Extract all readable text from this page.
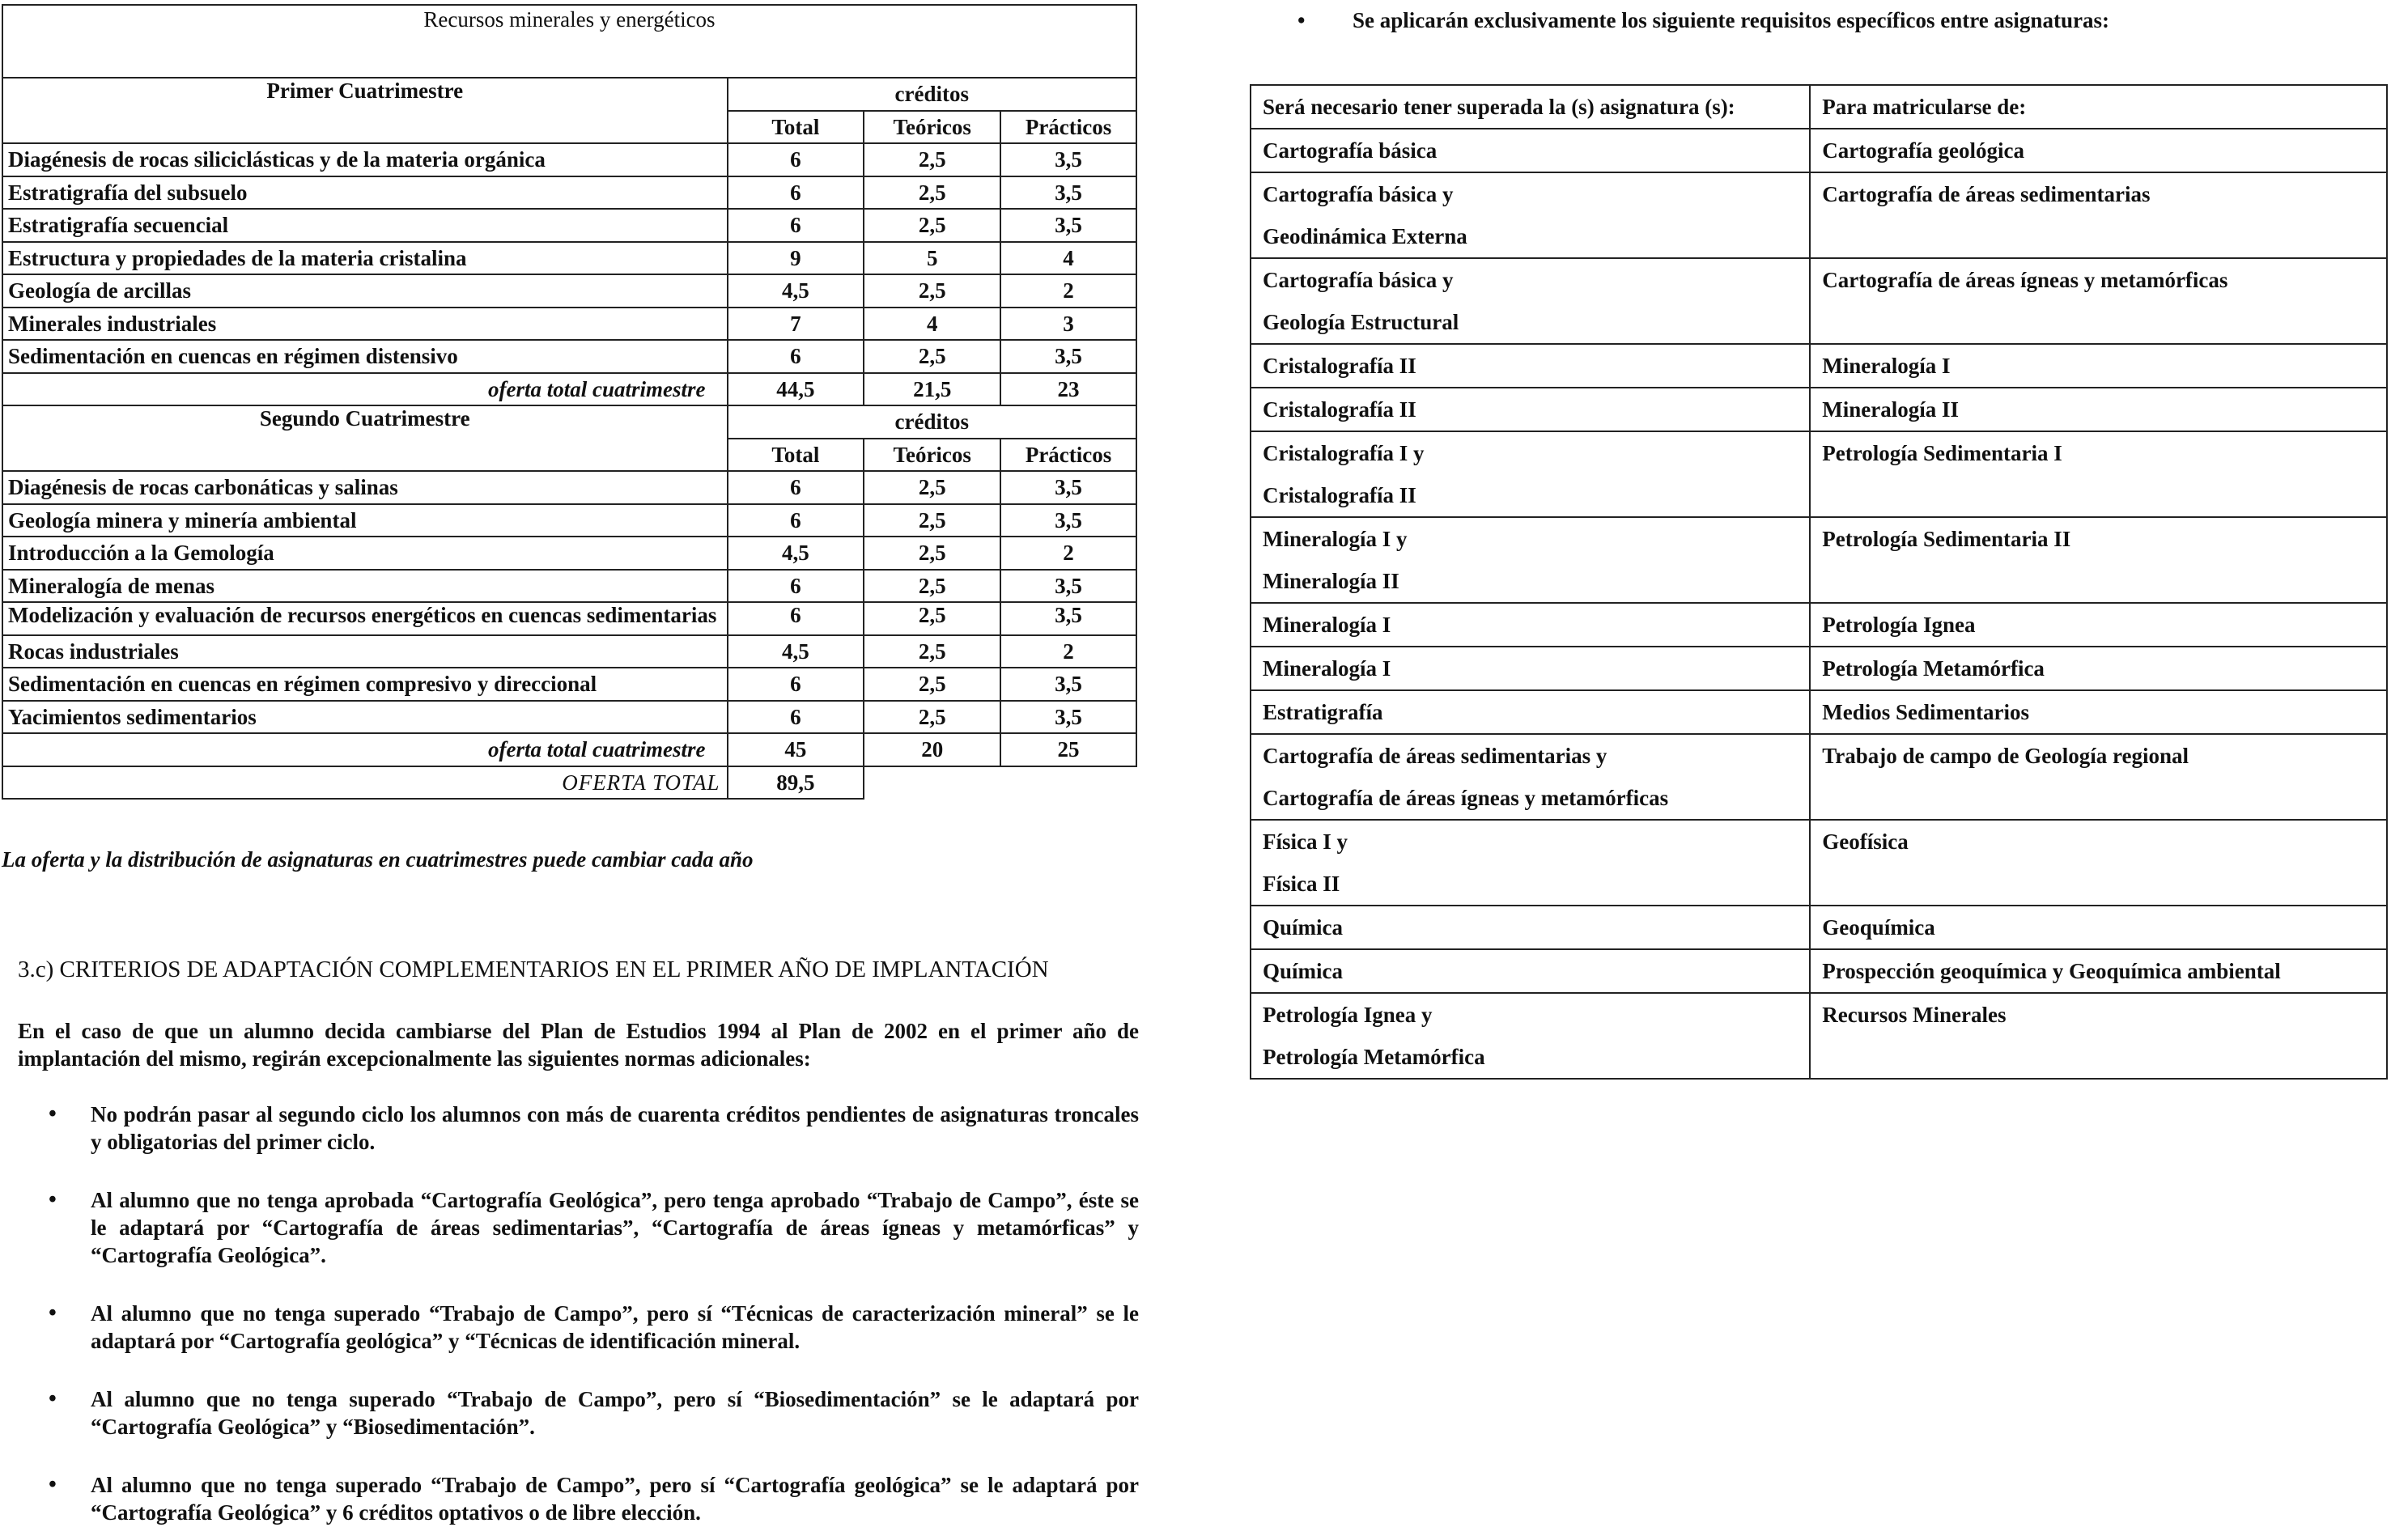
Recursos minerales y energéticos			
Primer Cuatrimestre	créditos		
	Total	Teóricos	Prácticos
Diagénesis de rocas siliciclásticas y de la materia orgánica	6	2,5	3,5
Estratigrafía del subsuelo	6	2,5	3,5
Estratigrafía secuencial	6	2,5	3,5
Estructura y propiedades de la materia cristalina	9	5	4
Geología de arcillas	4,5	2,5	2
Minerales industriales	7	4	3
Sedimentación en cuencas en régimen distensivo	6	2,5	3,5
oferta total cuatrimestre	44,5	21,5	23
Segundo Cuatrimestre	créditos		
	Total	Teóricos	Prácticos
Diagénesis de rocas carbonáticas y salinas	6	2,5	3,5
Geología minera y minería ambiental	6	2,5	3,5
Introducción a la Gemología	4,5	2,5	2
Mineralogía de menas	6	2,5	3,5
Modelización y evaluación de recursos energéticos en cuencas sedimentarias	6	2,5	3,5
Rocas industriales	4,5	2,5	2
Sedimentación en cuencas en régimen compresivo y direccional	6	2,5	3,5
Yacimientos sedimentarios	6	2,5	3,5
oferta total cuatrimestre	45	20	25
OFERTA TOTAL	89,5		
La oferta y la distribución de asignaturas en cuatrimestres puede cambiar cada año
3.c) CRITERIOS DE ADAPTACIÓN COMPLEMENTARIOS EN EL PRIMER AÑO DE IMPLANTACIÓN
En el caso de que un alumno decida cambiarse del Plan de Estudios 1994 al Plan de 2002 en el primer año de implantación del mismo, regirán excepcionalmente las siguientes normas adicionales:
• No podrán pasar al segundo ciclo los alumnos con más de cuarenta créditos pendientes de asignaturas troncales y obligatorias del primer ciclo.
• Al alumno que no tenga aprobada “Cartografía Geológica”, pero tenga aprobado “Trabajo de Campo”, éste se le adaptará por “Cartografía de áreas sedimentarias”, “Cartografía de áreas ígneas y metamórficas” y “Cartografía Geológica”.
• Al alumno que no tenga superado “Trabajo de Campo”, pero sí “Técnicas de caracterización mineral” se le adaptará por “Cartografía geológica” y “Técnicas de identificación mineral.
• Al alumno que no tenga superado “Trabajo de Campo”, pero sí “Biosedimentación” se le adaptará por “Cartografía Geológica” y “Biosedimentación”.
• Al alumno que no tenga superado “Trabajo de Campo”, pero sí “Cartografía geológica” se le adaptará por “Cartografía Geológica” y 6 créditos optativos o de libre elección.
• Se aplicarán exclusivamente los siguiente requisitos específicos entre asignaturas:
Será necesario tener superada la (s) asignatura (s):	Para matricularse de:

Cartografía básica	Cartografía geológica

Cartografía básica y
Geodinámica Externa	Cartografía de áreas sedimentarias

Cartografía básica y
Geología Estructural	Cartografía de áreas ígneas y metamórficas

Cristalografía II	Mineralogía I

Cristalografía II	Mineralogía II

Cristalografía I y
Cristalografía II	Petrología Sedimentaria I

Mineralogía I y
Mineralogía II	Petrología Sedimentaria II

Mineralogía I	Petrología Ignea

Mineralogía I	Petrología Metamórfica

Estratigrafía	Medios Sedimentarios

Cartografía de áreas sedimentarias y
Cartografía de áreas ígneas y metamórficas	Trabajo de campo de Geología regional

Física I y
Física II	Geofísica

Química	Geoquímica

Química	Prospección geoquímica y Geoquímica ambiental

Petrología Ignea y
Petrología Metamórfica	Recursos Minerales
